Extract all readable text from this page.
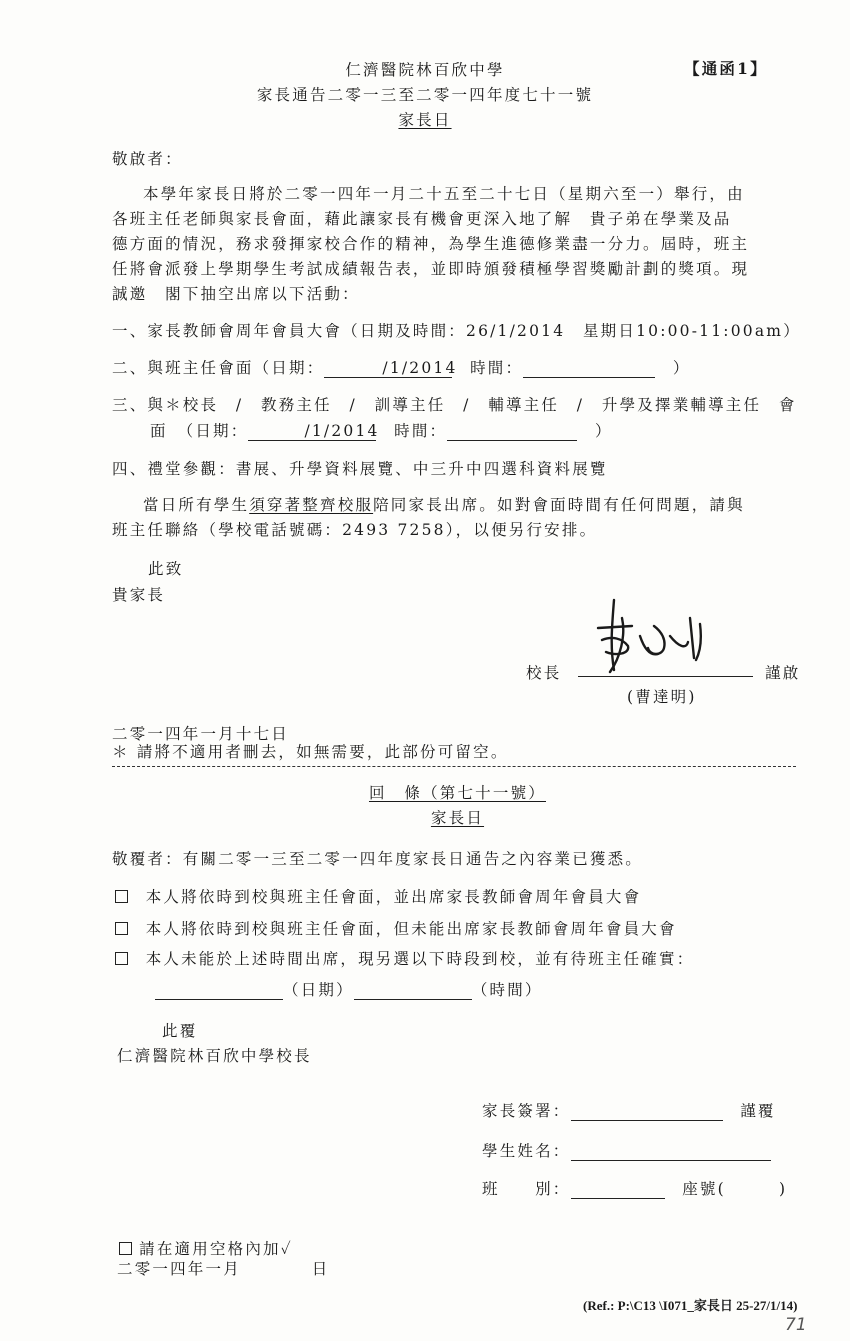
仁濟醫院林百欣中學	【通函1】
家長通告二零一三至二零一四年度七十一號
家長日
敬啟者：
本學年家長日將於二零一四年一月二十五至二十七日（星期六至一）舉行，由
各班主任老師與家長會面，藉此讓家長有機會更深入地了解　貴子弟在學業及品
德方面的情況，務求發揮家校合作的精神，為學生進德修業盡一分力。屆時，班主
任將會派發上學期學生考試成績報告表，並即時頒發積極學習獎勵計劃的獎項。現
誠邀　閣下抽空出席以下活動：
一、家長教師會周年會員大會（日期及時間：26/1/2014　星期日10:00-11:00am）
二、與班主任會面（日期：	/1/2014
　 時間：　	）
三、與＊校長　/　教務主任　/　訓導主任　/　輔導主任　/　升學及擇業輔導主任　會
面　（日期：	/1/2014
　 時間：　	）
四、禮堂參觀：書展、升學資料展覽、中三升中四選科資料展覽
當日所有學生須穿著整齊校服陪同家長出席。如對會面時間有任何問題，請與
班主任聯絡（學校電話號碼：2493 7258），以便另行安排。
此致
貴家長
校長	謹啟
(曹達明)
二零一四年一月十七日
＊ 請將不適用者刪去，如無需要，此部份可留空。
回　條（第七十一號）
家長日
敬覆者：有關二零一三至二零一四年度家長日通告之內容業已獲悉。
　本人將依時到校與班主任會面，並出席家長教師會周年會員大會
　本人將依時到校與班主任會面，但未能出席家長教師會周年會員大會
　本人未能於上述時間出席，現另選以下時段到校，並有待班主任確實：
（日期）	（時間）
此覆
仁濟醫院林百欣中學校長
家長簽署：　	謹覆
學生姓名：
班　　別：　	座號(　　　)
請在適用空格內加✓
二零一四年一月　　　　日
(Ref.: P:\C13 \I071_家長日 25-27/1/14)
71
